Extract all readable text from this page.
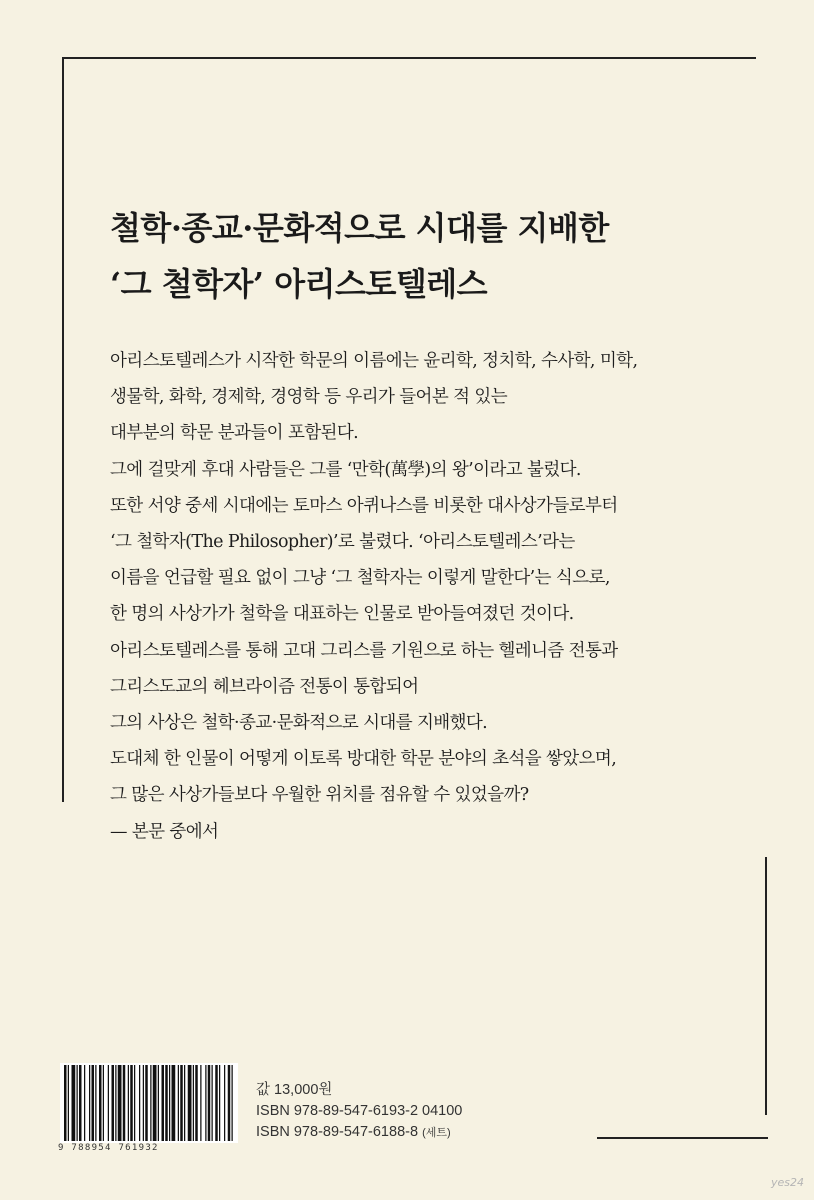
철학·종교·문화적으로 시대를 지배한
‘그 철학자’ 아리스토텔레스
아리스토텔레스가 시작한 학문의 이름에는 윤리학, 정치학, 수사학, 미학,
생물학, 화학, 경제학, 경영학 등 우리가 들어본 적 있는
대부분의 학문 분과들이 포함된다.
그에 걸맞게 후대 사람들은 그를 ‘만학(萬學)의 왕’이라고 불렀다.
또한 서양 중세 시대에는 토마스 아퀴나스를 비롯한 대사상가들로부터
‘그 철학자(The Philosopher)’로 불렸다. ‘아리스토텔레스’라는
이름을 언급할 필요 없이 그냥 ‘그 철학자는 이렇게 말한다’는 식으로,
한 명의 사상가가 철학을 대표하는 인물로 받아들여졌던 것이다.
아리스토텔레스를 통해 고대 그리스를 기원으로 하는 헬레니즘 전통과
그리스도교의 헤브라이즘 전통이 통합되어
그의 사상은 철학·종교·문화적으로 시대를 지배했다.
도대체 한 인물이 어떻게 이토록 방대한 학문 분야의 초석을 쌓았으며,
그 많은 사상가들보다 우월한 위치를 점유할 수 있었을까?
— 본문 중에서
9 788954 761932
값 13,000원
ISBN 978-89-547-6193-2 04100
ISBN 978-89-547-6188-8 (세트)
yes24
